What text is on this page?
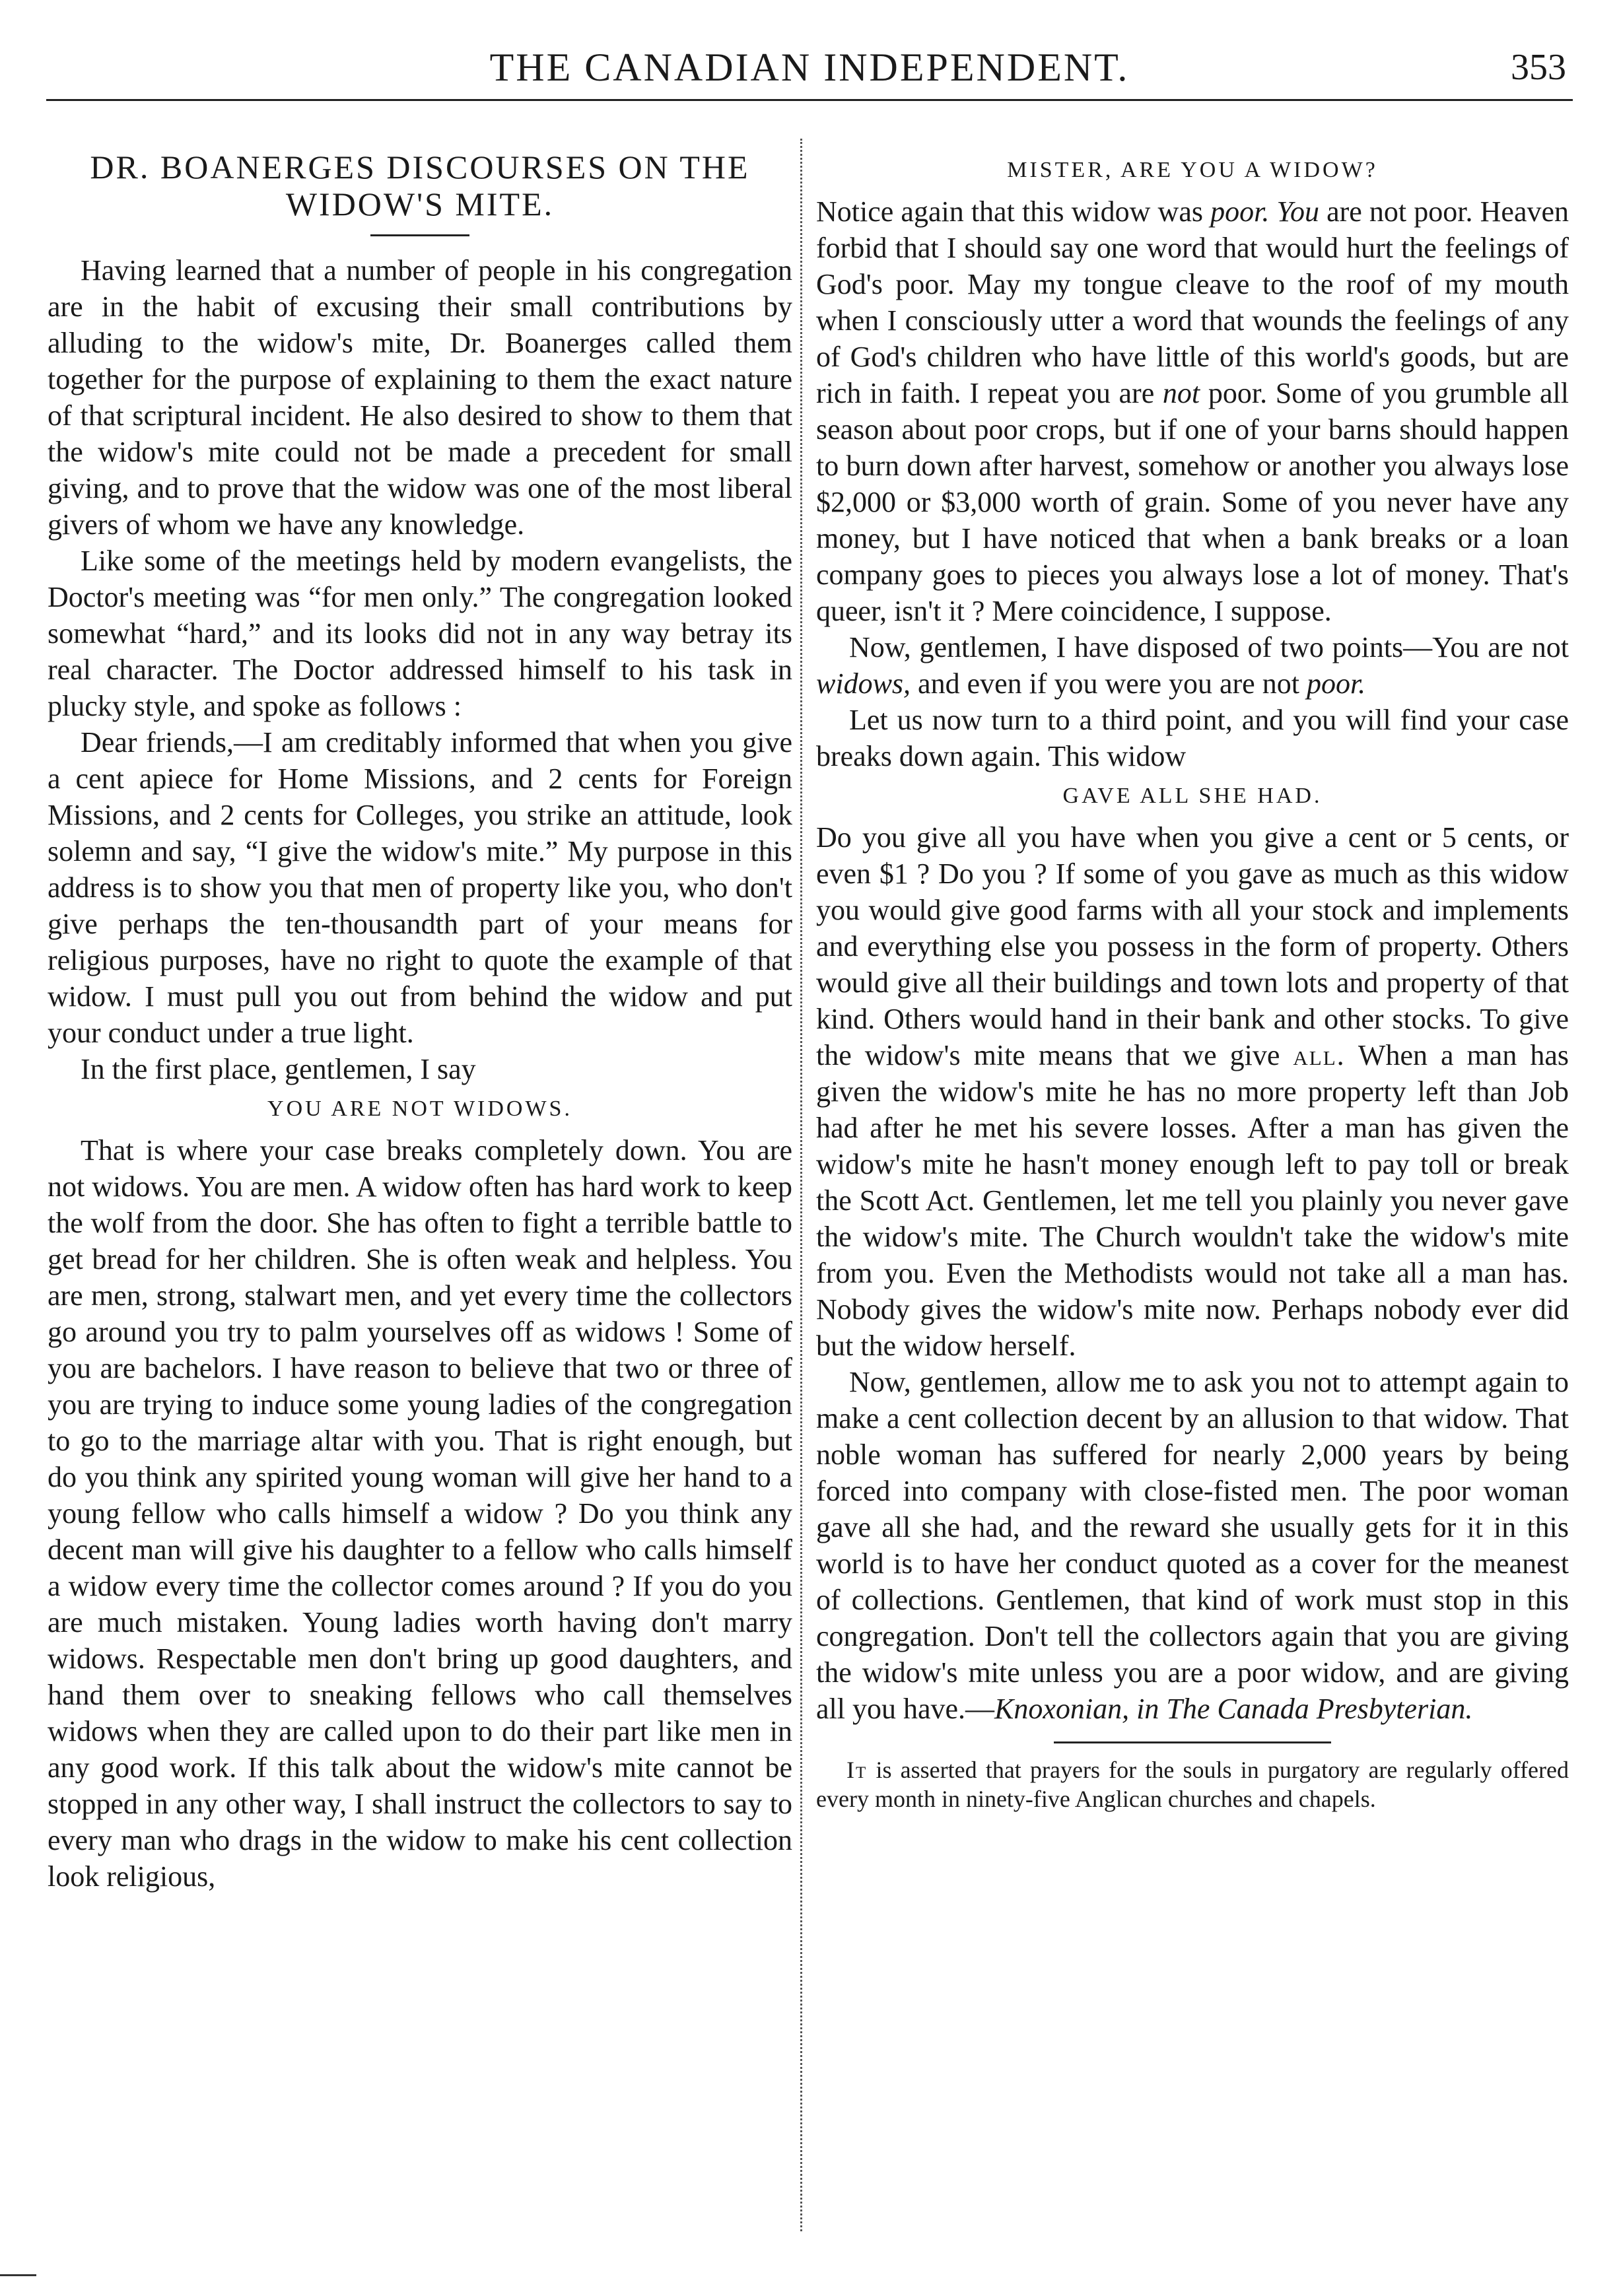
THE CANADIAN INDEPENDENT.	353
DR. BOANERGES DISCOURSES ON THE WIDOW'S MITE.

Having learned that a number of people in his congregation are in the habit of excusing their small contributions by alluding to the widow's mite, Dr. Boanerges called them together for the purpose of explaining to them the exact nature of that scriptural incident. He also desired to show to them that the widow's mite could not be made a precedent for small giving, and to prove that the widow was one of the most liberal givers of whom we have any knowledge.

Like some of the meetings held by modern evangelists, the Doctor's meeting was “for men only.” The congregation looked somewhat “hard,” and its looks did not in any way betray its real character. The Doctor addressed himself to his task in plucky style, and spoke as follows :

Dear friends,—I am creditably informed that when you give a cent apiece for Home Missions, and 2 cents for Foreign Missions, and 2 cents for Colleges, you strike an attitude, look solemn and say, “I give the widow's mite.” My purpose in this address is to show you that men of property like you, who don't give perhaps the ten-thousandth part of your means for religious purposes, have no right to quote the example of that widow. I must pull you out from behind the widow and put your conduct under a true light.

In the first place, gentlemen, I say

YOU ARE NOT WIDOWS.

That is where your case breaks completely down. You are not widows. You are men. A widow often has hard work to keep the wolf from the door. She has often to fight a terrible battle to get bread for her children. She is often weak and helpless. You are men, strong, stalwart men, and yet every time the collectors go around you try to palm yourselves off as widows ! Some of you are bachelors. I have reason to believe that two or three of you are trying to induce some young ladies of the congregation to go to the marriage altar with you. That is right enough, but do you think any spirited young woman will give her hand to a young fellow who calls himself a widow ? Do you think any decent man will give his daughter to a fellow who calls himself a widow every time the collector comes around ? If you do you are much mistaken. Young ladies worth having don't marry widows. Respectable men don't bring up good daughters, and hand them over to sneaking fellows who call themselves widows when they are called upon to do their part like men in any good work. If this talk about the widow's mite cannot be stopped in any other way, I shall instruct the collectors to say to every man who drags in the widow to make his cent collection look religious,

MISTER, ARE YOU A WIDOW?

Notice again that this widow was poor. You are not poor. Heaven forbid that I should say one word that would hurt the feelings of God's poor. May my tongue cleave to the roof of my mouth when I consciously utter a word that wounds the feelings of any of God's children who have little of this world's goods, but are rich in faith. I repeat you are not poor. Some of you grumble all season about poor crops, but if one of your barns should happen to burn down after harvest, somehow or another you always lose $2,000 or $3,000 worth of grain. Some of you never have any money, but I have noticed that when a bank breaks or a loan company goes to pieces you always lose a lot of money. That's queer, isn't it ? Mere coincidence, I suppose.

Now, gentlemen, I have disposed of two points—You are not widows, and even if you were you are not poor.

Let us now turn to a third point, and you will find your case breaks down again. This widow

GAVE ALL SHE HAD.

Do you give all you have when you give a cent or 5 cents, or even $1 ? Do you ? If some of you gave as much as this widow you would give good farms with all your stock and implements and everything else you possess in the form of property. Others would give all their buildings and town lots and property of that kind. Others would hand in their bank and other stocks. To give the widow's mite means that we give all. When a man has given the widow's mite he has no more property left than Job had after he met his severe losses. After a man has given the widow's mite he hasn't money enough left to pay toll or break the Scott Act. Gentlemen, let me tell you plainly you never gave the widow's mite. The Church wouldn't take the widow's mite from you. Even the Methodists would not take all a man has. Nobody gives the widow's mite now. Perhaps nobody ever did but the widow herself.

Now, gentlemen, allow me to ask you not to attempt again to make a cent collection decent by an allusion to that widow. That noble woman has suffered for nearly 2,000 years by being forced into company with close-fisted men. The poor woman gave all she had, and the reward she usually gets for it in this world is to have her conduct quoted as a cover for the meanest of collections. Gentlemen, that kind of work must stop in this congregation. Don't tell the collectors again that you are giving the widow's mite unless you are a poor widow, and are giving all you have.—Knoxonian, in The Canada Presbyterian.

It is asserted that prayers for the souls in purgatory are regularly offered every month in ninety-five Anglican churches and chapels.
